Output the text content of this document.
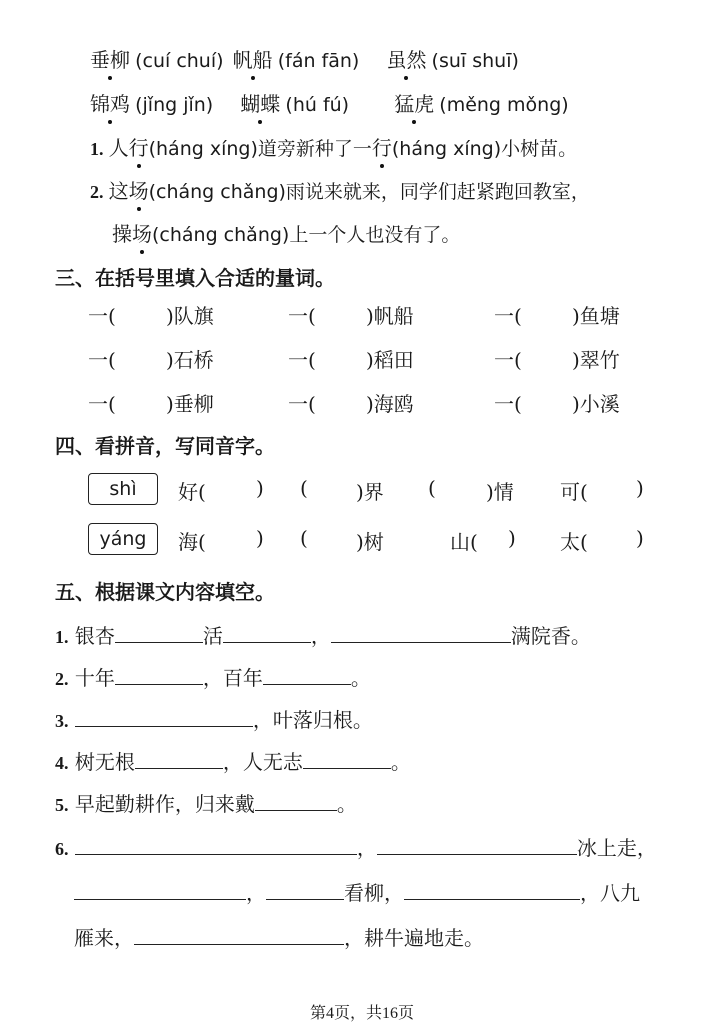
垂柳 (cuí chuí) 帆船 (fán fān) 虽然 (suī shuī)
锦鸡 (jǐng jǐn) 蝴蝶 (hú fú) 猛虎 (měng mǒng)
1. 人行(háng xíng)道旁新种了一行(háng xíng)小树苗。
2. 这场(cháng chǎng)雨说来就来，同学们赶紧跑回教室，
操场(cháng chǎng)上一个人也没有了。
三、在括号里填入合适的量词。
一(	)队旗	一(	)帆船	一(	)鱼塘
一(	)石桥	一(	)稻田	一(	)翠竹
一(	)垂柳	一(	)海鸥	一(	)小溪
四、看拼音，写同音字。
shì
yáng
好(	) ( )界 (	)情 可( )
海(	) ( )树	山( ) 太( )
五、根据课文内容填空。
1. 银杏	活	，	满院香。
2. 十年	，百年	。
3.	，叶落归根。
4. 树无根	，人无志	。
5. 早起勤耕作，归来戴	。
6.	，	冰上走，
，	看柳，	，八九
雁来，	，耕牛遍地走。
第4页，共16页
